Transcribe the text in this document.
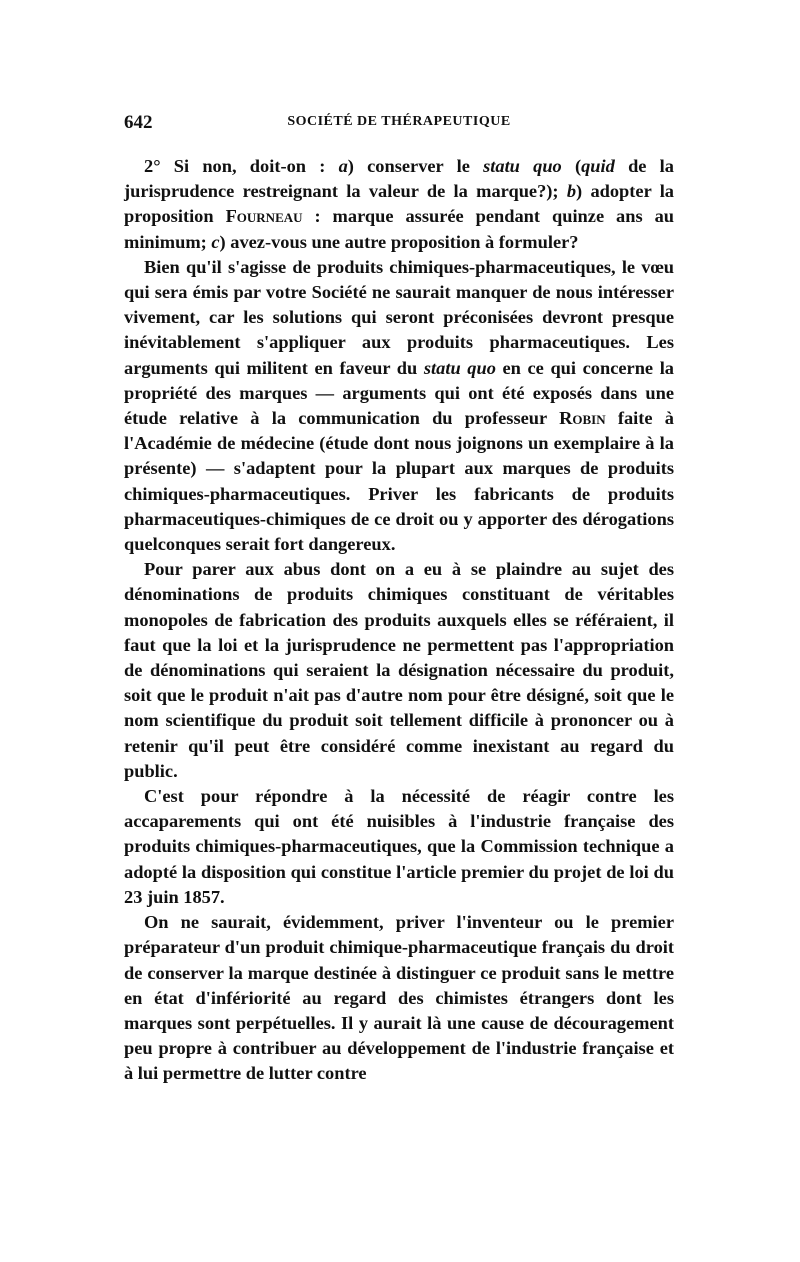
642	SOCIÉTÉ DE THÉRAPEUTIQUE

2° Si non, doit-on : a) conserver le statu quo (quid de la jurisprudence restreignant la valeur de la marque?); b) adopter la proposition Fourneau : marque assurée pendant quinze ans au minimum; c) avez-vous une autre proposition à formuler?

Bien qu'il s'agisse de produits chimiques-pharmaceutiques, le vœu qui sera émis par votre Société ne saurait manquer de nous intéresser vivement, car les solutions qui seront préconisées devront presque inévitablement s'appliquer aux produits pharmaceutiques. Les arguments qui militent en faveur du statu quo en ce qui concerne la propriété des marques — arguments qui ont été exposés dans une étude relative à la communication du professeur Robin faite à l'Académie de médecine (étude dont nous joignons un exemplaire à la présente) — s'adaptent pour la plupart aux marques de produits chimiques-pharmaceutiques. Priver les fabricants de produits pharmaceutiques-chimiques de ce droit ou y apporter des dérogations quelconques serait fort dangereux.

Pour parer aux abus dont on a eu à se plaindre au sujet des dénominations de produits chimiques constituant de véritables monopoles de fabrication des produits auxquels elles se référaient, il faut que la loi et la jurisprudence ne permettent pas l'appropriation de dénominations qui seraient la désignation nécessaire du produit, soit que le produit n'ait pas d'autre nom pour être désigné, soit que le nom scientifique du produit soit tellement difficile à prononcer ou à retenir qu'il peut être considéré comme inexistant au regard du public.

C'est pour répondre à la nécessité de réagir contre les accaparements qui ont été nuisibles à l'industrie française des produits chimiques-pharmaceutiques, que la Commission technique a adopté la disposition qui constitue l'article premier du projet de loi du 23 juin 1857.

On ne saurait, évidemment, priver l'inventeur ou le premier préparateur d'un produit chimique-pharmaceutique français du droit de conserver la marque destinée à distinguer ce produit sans le mettre en état d'infériorité au regard des chimistes étrangers dont les marques sont perpétuelles. Il y aurait là une cause de découragement peu propre à contribuer au développement de l'industrie française et à lui permettre de lutter contre
